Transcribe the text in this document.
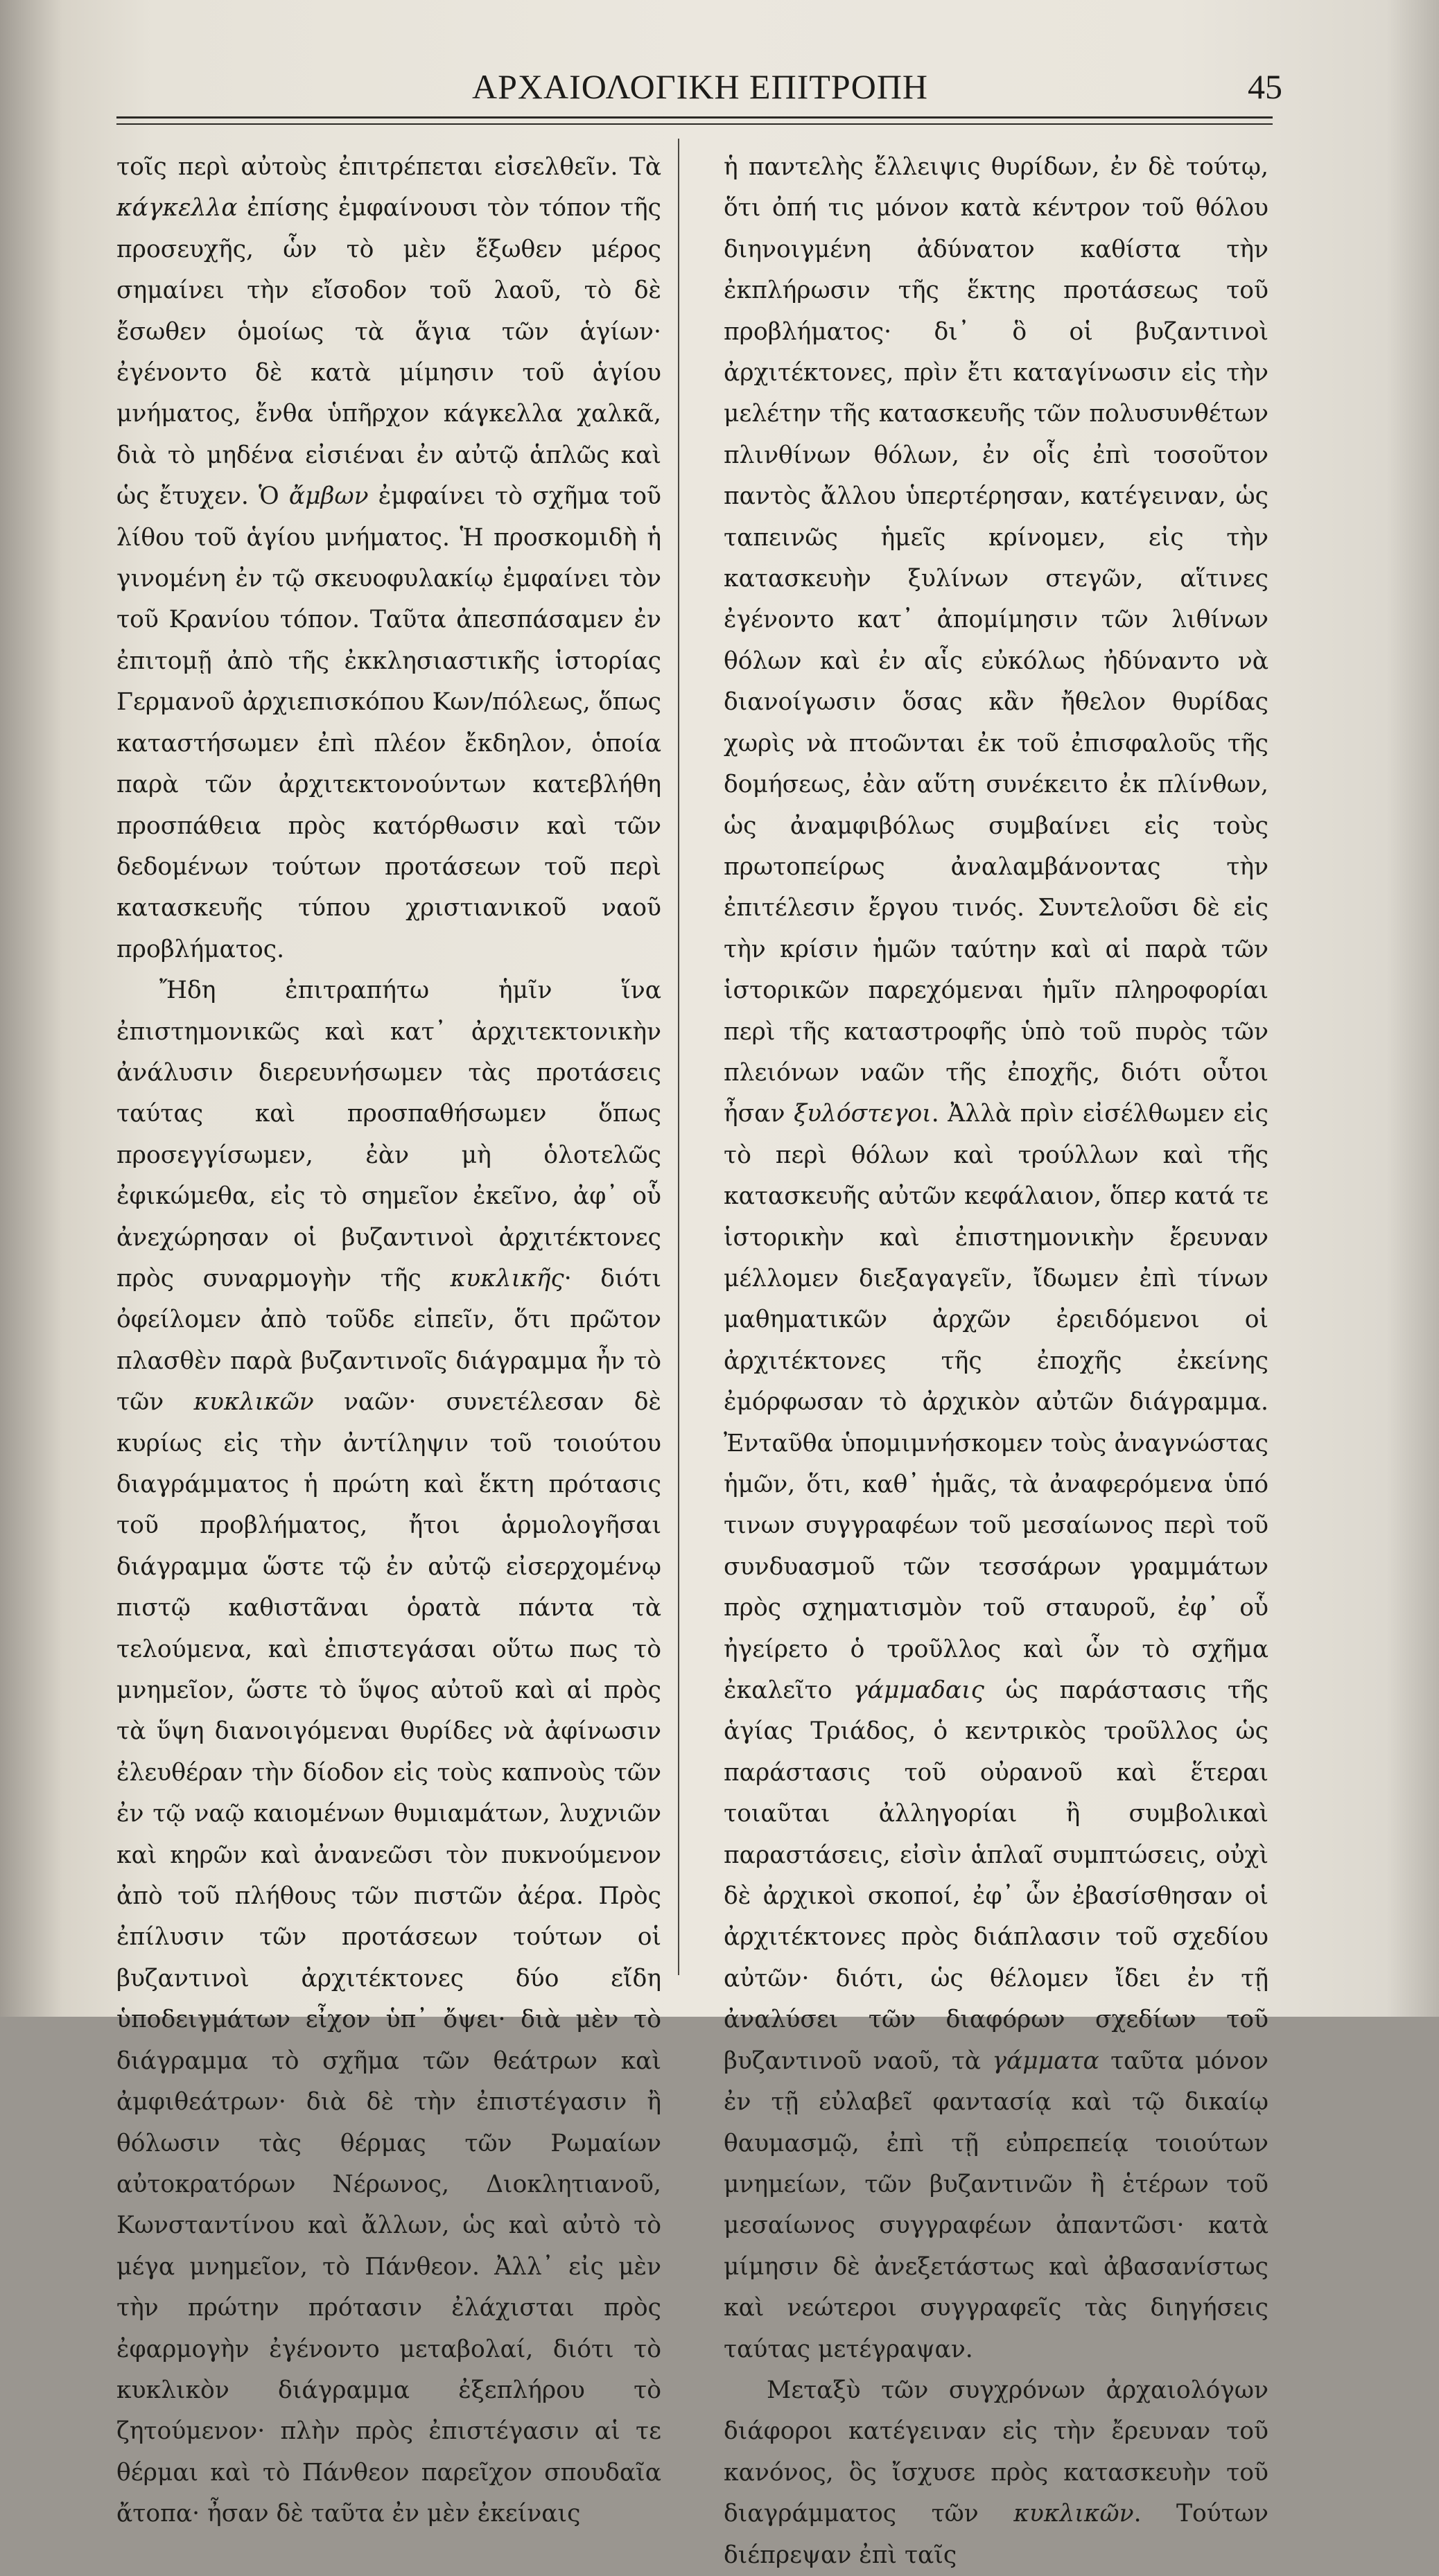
ΑΡΧΑΙΟΛΟΓΙΚΗ ΕΠΙΤΡΟΠΗ	45

τοῖς περὶ αὐτοὺς ἐπιτρέπεται εἰσελθεῖν. Τὰ κάγκελλα ἐπίσης ἐμφαίνουσι τὸν τόπον τῆς προσευχῆς, ὧν τὸ μὲν ἔξωθεν μέρος σημαίνει τὴν εἴσοδον τοῦ λαοῦ, τὸ δὲ ἔσωθεν ὁμοίως τὰ ἅγια τῶν ἁγίων· ἐγένοντο δὲ κατὰ μίμησιν τοῦ ἁγίου μνήματος, ἔνθα ὑπῆρχον κάγκελλα χαλκᾶ, διὰ τὸ μηδένα εἰσιέναι ἐν αὐτῷ ἁπλῶς καὶ ὡς ἔτυχεν. Ὁ ἄμβων ἐμφαίνει τὸ σχῆμα τοῦ λίθου τοῦ ἁγίου μνήματος. Ἡ προσκομιδὴ ἡ γινομένη ἐν τῷ σκευοφυλακίῳ ἐμφαίνει τὸν τοῦ Κρανίου τόπον. Ταῦτα ἀπεσπάσαμεν ἐν ἐπιτομῇ ἀπὸ τῆς ἐκκλησιαστικῆς ἱστορίας Γερμανοῦ ἀρχιεπισκόπου Κων/πόλεως, ὅπως καταστήσωμεν ἐπὶ πλέον ἔκδηλον, ὁποία παρὰ τῶν ἀρχιτεκτονούντων κατεβλήθη προσπάθεια πρὸς κατόρθωσιν καὶ τῶν δεδομένων τούτων προτάσεων τοῦ περὶ κατασκευῆς τύπου χριστιανικοῦ ναοῦ προβλήματος.

Ἤδη ἐπιτραπήτω ἡμῖν ἵνα ἐπιστημονικῶς καὶ κατ᾽ ἀρχιτεκτονικὴν ἀνάλυσιν διερευνήσωμεν τὰς προτάσεις ταύτας καὶ προσπαθήσωμεν ὅπως προσεγγίσωμεν, ἐὰν μὴ ὁλοτελῶς ἐφικώμεθα, εἰς τὸ σημεῖον ἐκεῖνο, ἀφ᾽ οὗ ἀνεχώρησαν οἱ βυζαντινοὶ ἀρχιτέκτονες πρὸς συναρμογὴν τῆς κυκλικῆς· διότι ὀφείλομεν ἀπὸ τοῦδε εἰπεῖν, ὅτι πρῶτον πλασθὲν παρὰ βυζαντινοῖς διάγραμμα ἦν τὸ τῶν κυκλικῶν ναῶν· συνετέλεσαν δὲ κυρίως εἰς τὴν ἀντίληψιν τοῦ τοιούτου διαγράμματος ἡ πρώτη καὶ ἕκτη πρότασις τοῦ προβλήματος, ἤτοι ἁρμολογῆσαι διάγραμμα ὥστε τῷ ἐν αὐτῷ εἰσερχομένῳ πιστῷ καθιστᾶναι ὁρατὰ πάντα τὰ τελούμενα, καὶ ἐπιστεγάσαι οὕτω πως τὸ μνημεῖον, ὥστε τὸ ὕψος αὐτοῦ καὶ αἱ πρὸς τὰ ὕψη διανοιγόμεναι θυρίδες νὰ ἀφίνωσιν ἐλευθέραν τὴν δίοδον εἰς τοὺς καπνοὺς τῶν ἐν τῷ ναῷ καιομένων θυμιαμάτων, λυχνιῶν καὶ κηρῶν καὶ ἀνανεῶσι τὸν πυκνούμενον ἀπὸ τοῦ πλήθους τῶν πιστῶν ἀέρα. Πρὸς ἐπίλυσιν τῶν προτάσεων τούτων οἱ βυζαντινοὶ ἀρχιτέκτονες δύο εἴδη ὑποδειγμάτων εἶχον ὑπ᾽ ὄψει· διὰ μὲν τὸ διάγραμμα τὸ σχῆμα τῶν θεάτρων καὶ ἀμφιθεάτρων· διὰ δὲ τὴν ἐπιστέγασιν ἢ θόλωσιν τὰς θέρμας τῶν Ρωμαίων αὐτοκρατόρων Νέρωνος, Διοκλητιανοῦ, Κωνσταντίνου καὶ ἄλλων, ὡς καὶ αὐτὸ τὸ μέγα μνημεῖον, τὸ Πάνθεον. Ἀλλ᾽ εἰς μὲν τὴν πρώτην πρότασιν ἐλάχισται πρὸς ἐφαρμογὴν ἐγένοντο μεταβολαί, διότι τὸ κυκλικὸν διάγραμμα ἐξεπλήρου τὸ ζητούμενον· πλὴν πρὸς ἐπιστέγασιν αἱ τε θέρμαι καὶ τὸ Πάνθεον παρεῖχον σπουδαῖα ἄτοπα· ἦσαν δὲ ταῦτα ἐν μὲν ἐκείναις

ἡ παντελὴς ἔλλειψις θυρίδων, ἐν δὲ τούτῳ, ὅτι ὀπή τις μόνον κατὰ κέντρον τοῦ θόλου διηνοιγμένη ἀδύνατον καθίστα τὴν ἐκπλήρωσιν τῆς ἕκτης προτάσεως τοῦ προβλήματος· δι᾽ ὃ οἱ βυζαντινοὶ ἀρχιτέκτονες, πρὶν ἔτι καταγίνωσιν εἰς τὴν μελέτην τῆς κατασκευῆς τῶν πολυσυνθέτων πλινθίνων θόλων, ἐν οἷς ἐπὶ τοσοῦτον παντὸς ἄλλου ὑπερτέρησαν, κατέγειναν, ὡς ταπεινῶς ἡμεῖς κρίνομεν, εἰς τὴν κατασκευὴν ξυλίνων στεγῶν, αἵτινες ἐγένοντο κατ᾽ ἀπομίμησιν τῶν λιθίνων θόλων καὶ ἐν αἷς εὐκόλως ἠδύναντο νὰ διανοίγωσιν ὅσας κἂν ἤθελον θυρίδας χωρὶς νὰ πτοῶνται ἐκ τοῦ ἐπισφαλοῦς τῆς δομήσεως, ἐὰν αὕτη συνέκειτο ἐκ πλίνθων, ὡς ἀναμφιβόλως συμβαίνει εἰς τοὺς πρωτοπείρως ἀναλαμβάνοντας τὴν ἐπιτέλεσιν ἔργου τινός. Συντελοῦσι δὲ εἰς τὴν κρίσιν ἡμῶν ταύτην καὶ αἱ παρὰ τῶν ἱστορικῶν παρεχόμεναι ἡμῖν πληροφορίαι περὶ τῆς καταστροφῆς ὑπὸ τοῦ πυρὸς τῶν πλειόνων ναῶν τῆς ἐποχῆς, διότι οὗτοι ἦσαν ξυλόστεγοι. Ἀλλὰ πρὶν εἰσέλθωμεν εἰς τὸ περὶ θόλων καὶ τρούλλων καὶ τῆς κατασκευῆς αὐτῶν κεφάλαιον, ὅπερ κατά τε ἱστορικὴν καὶ ἐπιστημονικὴν ἔρευναν μέλλομεν διεξαγαγεῖν, ἴδωμεν ἐπὶ τίνων μαθηματικῶν ἀρχῶν ἐρειδόμενοι οἱ ἀρχιτέκτονες τῆς ἐποχῆς ἐκείνης ἐμόρφωσαν τὸ ἀρχικὸν αὐτῶν διάγραμμα. Ἐνταῦθα ὑπομιμνήσκομεν τοὺς ἀναγνώστας ἡμῶν, ὅτι, καθ᾽ ἡμᾶς, τὰ ἀναφερόμενα ὑπό τινων συγγραφέων τοῦ μεσαίωνος περὶ τοῦ συνδυασμοῦ τῶν τεσσάρων γραμμάτων πρὸς σχηματισμὸν τοῦ σταυροῦ, ἐφ᾽ οὗ ἠγείρετο ὁ τροῦλλος καὶ ὧν τὸ σχῆμα ἐκαλεῖτο γάμμαδαις ὡς παράστασις τῆς ἁγίας Τριάδος, ὁ κεντρικὸς τροῦλλος ὡς παράστασις τοῦ οὐρανοῦ καὶ ἕτεραι τοιαῦται ἀλληγορίαι ἢ συμβολικαὶ παραστάσεις, εἰσὶν ἁπλαῖ συμπτώσεις, οὐχὶ δὲ ἀρχικοὶ σκοποί, ἐφ᾽ ὧν ἐβασίσθησαν οἱ ἀρχιτέκτονες πρὸς διάπλασιν τοῦ σχεδίου αὐτῶν· διότι, ὡς θέλομεν ἴδει ἐν τῇ ἀναλύσει τῶν διαφόρων σχεδίων τοῦ βυζαντινοῦ ναοῦ, τὰ γάμματα ταῦτα μόνον ἐν τῇ εὐλαβεῖ φαντασίᾳ καὶ τῷ δικαίῳ θαυμασμῷ, ἐπὶ τῇ εὐπρεπείᾳ τοιούτων μνημείων, τῶν βυζαντινῶν ἢ ἑτέρων τοῦ μεσαίωνος συγγραφέων ἀπαντῶσι· κατὰ μίμησιν δὲ ἀνεξετάστως καὶ ἀβασανίστως καὶ νεώτεροι συγγραφεῖς τὰς διηγήσεις ταύτας μετέγραψαν.

Μεταξὺ τῶν συγχρόνων ἀρχαιολόγων διάφοροι κατέγειναν εἰς τὴν ἔρευναν τοῦ κανόνος, ὃς ἴσχυσε πρὸς κατασκευὴν τοῦ διαγράμματος τῶν κυκλικῶν. Τούτων διέπρεψαν ἐπὶ ταῖς
